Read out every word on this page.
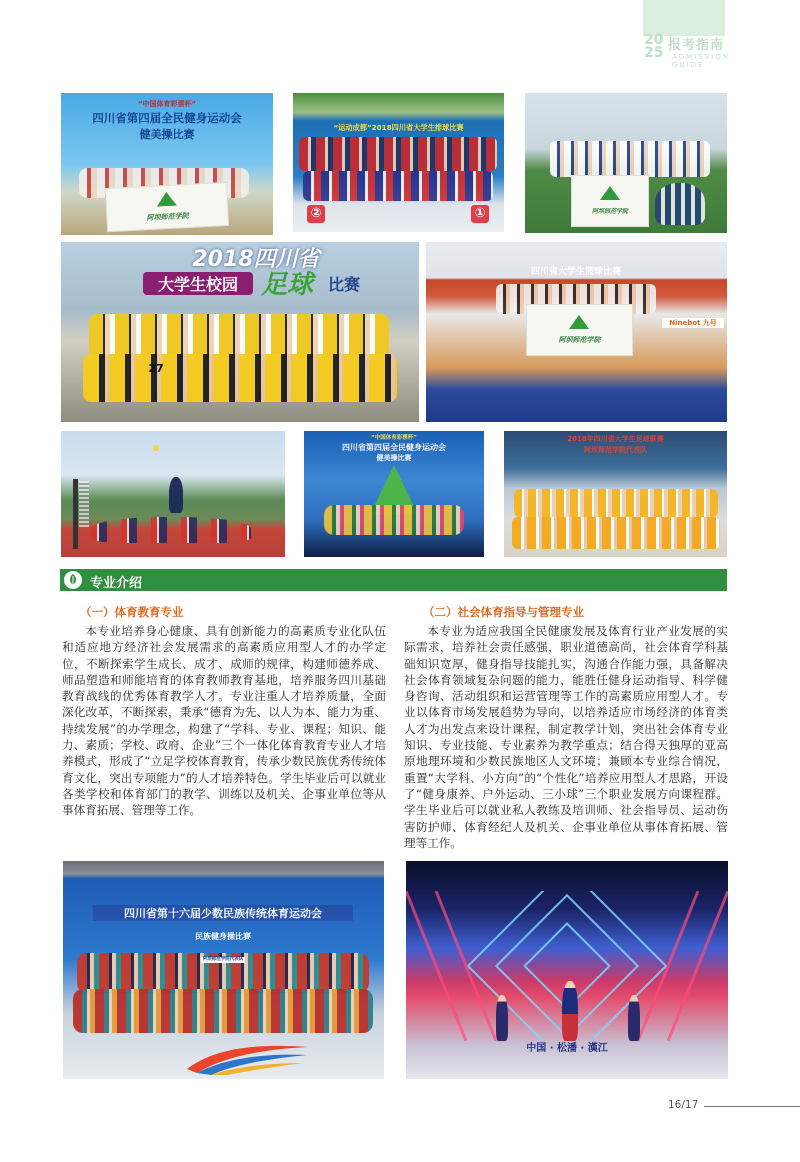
20 25 报考指南
ADMISSION GUIDE
“中国体育彩票杯”
四川省第四届全民健身运动会
健美操比赛
阿坝师范学院
“运动成都”2018四川省大学生排球比赛
②	①	阿坝师范学院
2018四川省
大学生校园 足球 比赛
27
四川省大学生篮球比赛
阿坝师范学院
Ninebot 九号
“中国体育彩票杯”
四川省第四届全民健身运动会
健美操比赛
2018年四川省大学生足球联赛
阿坝师范学院代表队
专业介绍
（一）体育教育专业
本专业培养身心健康、具有创新能力的高素质专业化队伍和适应地方经济社会发展需求的高素质应用型人才的办学定位，不断探索学生成长、成才、成师的规律，构建师德养成、师品塑造和师能培育的体育教师教育基地，培养服务四川基础教育战线的优秀体育教学人才。专业注重人才培养质量，全面深化改革，不断探索，秉承“德育为先、以人为本、能力为重、持续发展”的办学理念，构建了“学科、专业、课程；知识、能力、素质；学校、政府、企业”三个一体化体育教育专业人才培养模式，形成了“立足学校体育教育，传承少数民族优秀传统体育文化，突出专项能力”的人才培养特色。学生毕业后可以就业各类学校和体育部门的教学、训练以及机关、企事业单位等从事体育拓展、管理等工作。
（二）社会体育指导与管理专业
本专业为适应我国全民健康发展及体育行业产业发展的实际需求，培养社会责任感强，职业道德高尚，社会体育学科基础知识宽厚，健身指导技能扎实，沟通合作能力强，具备解决社会体育领域复杂问题的能力，能胜任健身运动指导、科学健身咨询、活动组织和运营管理等工作的高素质应用型人才。专业以体育市场发展趋势为导向，以培养适应市场经济的体育类人才为出发点来设计课程，制定教学计划，突出社会体育专业知识、专业技能、专业素养为教学重点；结合得天独厚的亚高原地理环境和少数民族地区人文环境；兼顾本专业综合情况，重置“大学科、小方向”的“个性化”培养应用型人才思路，开设了“健身康养、户外运动、三小球”三个职业发展方向课程群。学生毕业后可以就业私人教练及培训师、社会指导员、运动伤害防护师、体育经纪人及机关、企事业单位从事体育拓展、管理等工作。
四川省第十六届少数民族传统体育运动会
民族健身操比赛
阿坝师范学院代表队
中国 · 松潘 · 漢江
16/17
